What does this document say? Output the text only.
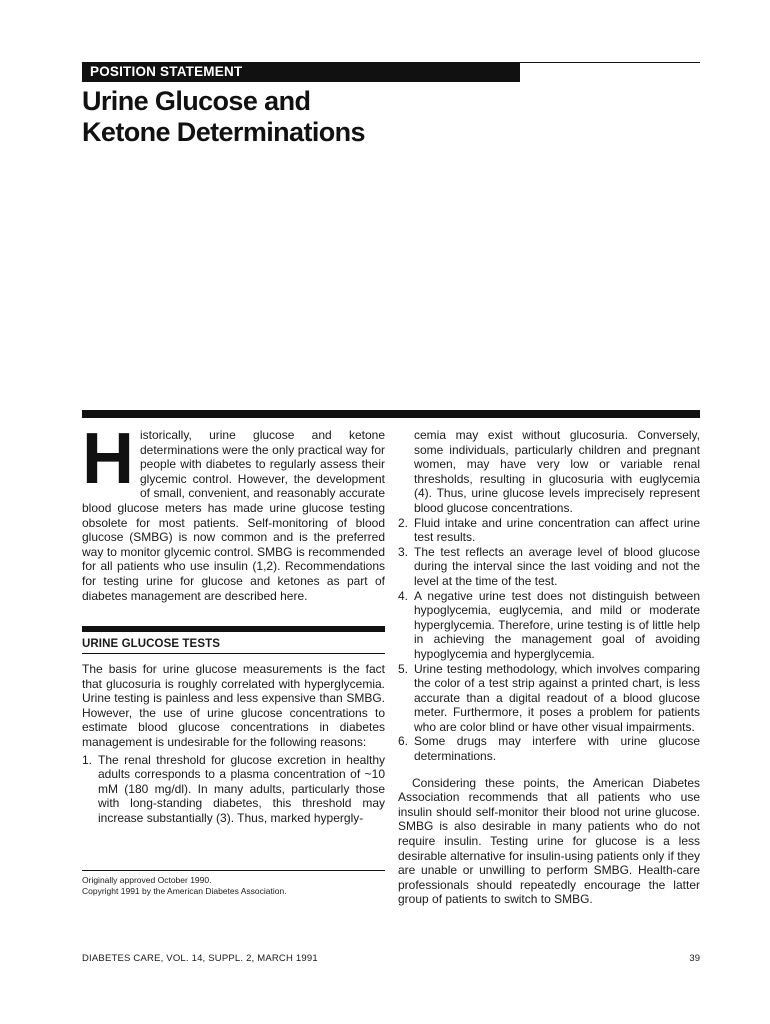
POSITION STATEMENT
Urine Glucose and
Ketone Determinations
H istorically, urine glucose and ketone determinations were the only practical way for people with diabetes to regularly assess their glycemic control. However, the development of small, convenient, and reasonably accurate blood glucose meters has made urine glucose testing obsolete for most patients. Self-monitoring of blood glucose (SMBG) is now common and is the preferred way to monitor glycemic control. SMBG is recommended for all patients who use insulin (1,2). Recommendations for testing urine for glucose and ketones as part of diabetes management are described here.

URINE GLUCOSE TESTS

The basis for urine glucose measurements is the fact that glucosuria is roughly correlated with hyperglycemia. Urine testing is painless and less expensive than SMBG. However, the use of urine glucose concentrations to estimate blood glucose concentrations in diabetes management is undesirable for the following reasons:

1. The renal threshold for glucose excretion in healthy adults corresponds to a plasma concentration of ~10 mM (180 mg/dl). In many adults, particularly those with long-standing diabetes, this threshold may increase substantially (3). Thus, marked hypergly-
Originally approved October 1990.
Copyright 1991 by the American Diabetes Association.

cemia may exist without glucosuria. Conversely, some individuals, particularly children and pregnant women, may have very low or variable renal thresholds, resulting in glucosuria with euglycemia (4). Thus, urine glucose levels imprecisely represent blood glucose concentrations.

2. Fluid intake and urine concentration can affect urine test results.
3. The test reflects an average level of blood glucose during the interval since the last voiding and not the level at the time of the test.
4. A negative urine test does not distinguish between hypoglycemia, euglycemia, and mild or moderate hyperglycemia. Therefore, urine testing is of little help in achieving the management goal of avoiding hypoglycemia and hyperglycemia.
5. Urine testing methodology, which involves comparing the color of a test strip against a printed chart, is less accurate than a digital readout of a blood glucose meter. Furthermore, it poses a problem for patients who are color blind or have other visual impairments.
6. Some drugs may interfere with urine glucose determinations.

Considering these points, the American Diabetes Association recommends that all patients who use insulin should self-monitor their blood not urine glucose. SMBG is also desirable in many patients who do not require insulin. Testing urine for glucose is a less desirable alternative for insulin-using patients only if they are unable or unwilling to perform SMBG. Health-care professionals should repeatedly encourage the latter group of patients to switch to SMBG.

DIABETES CARE, VOL. 14, SUPPL. 2, MARCH 1991	39
